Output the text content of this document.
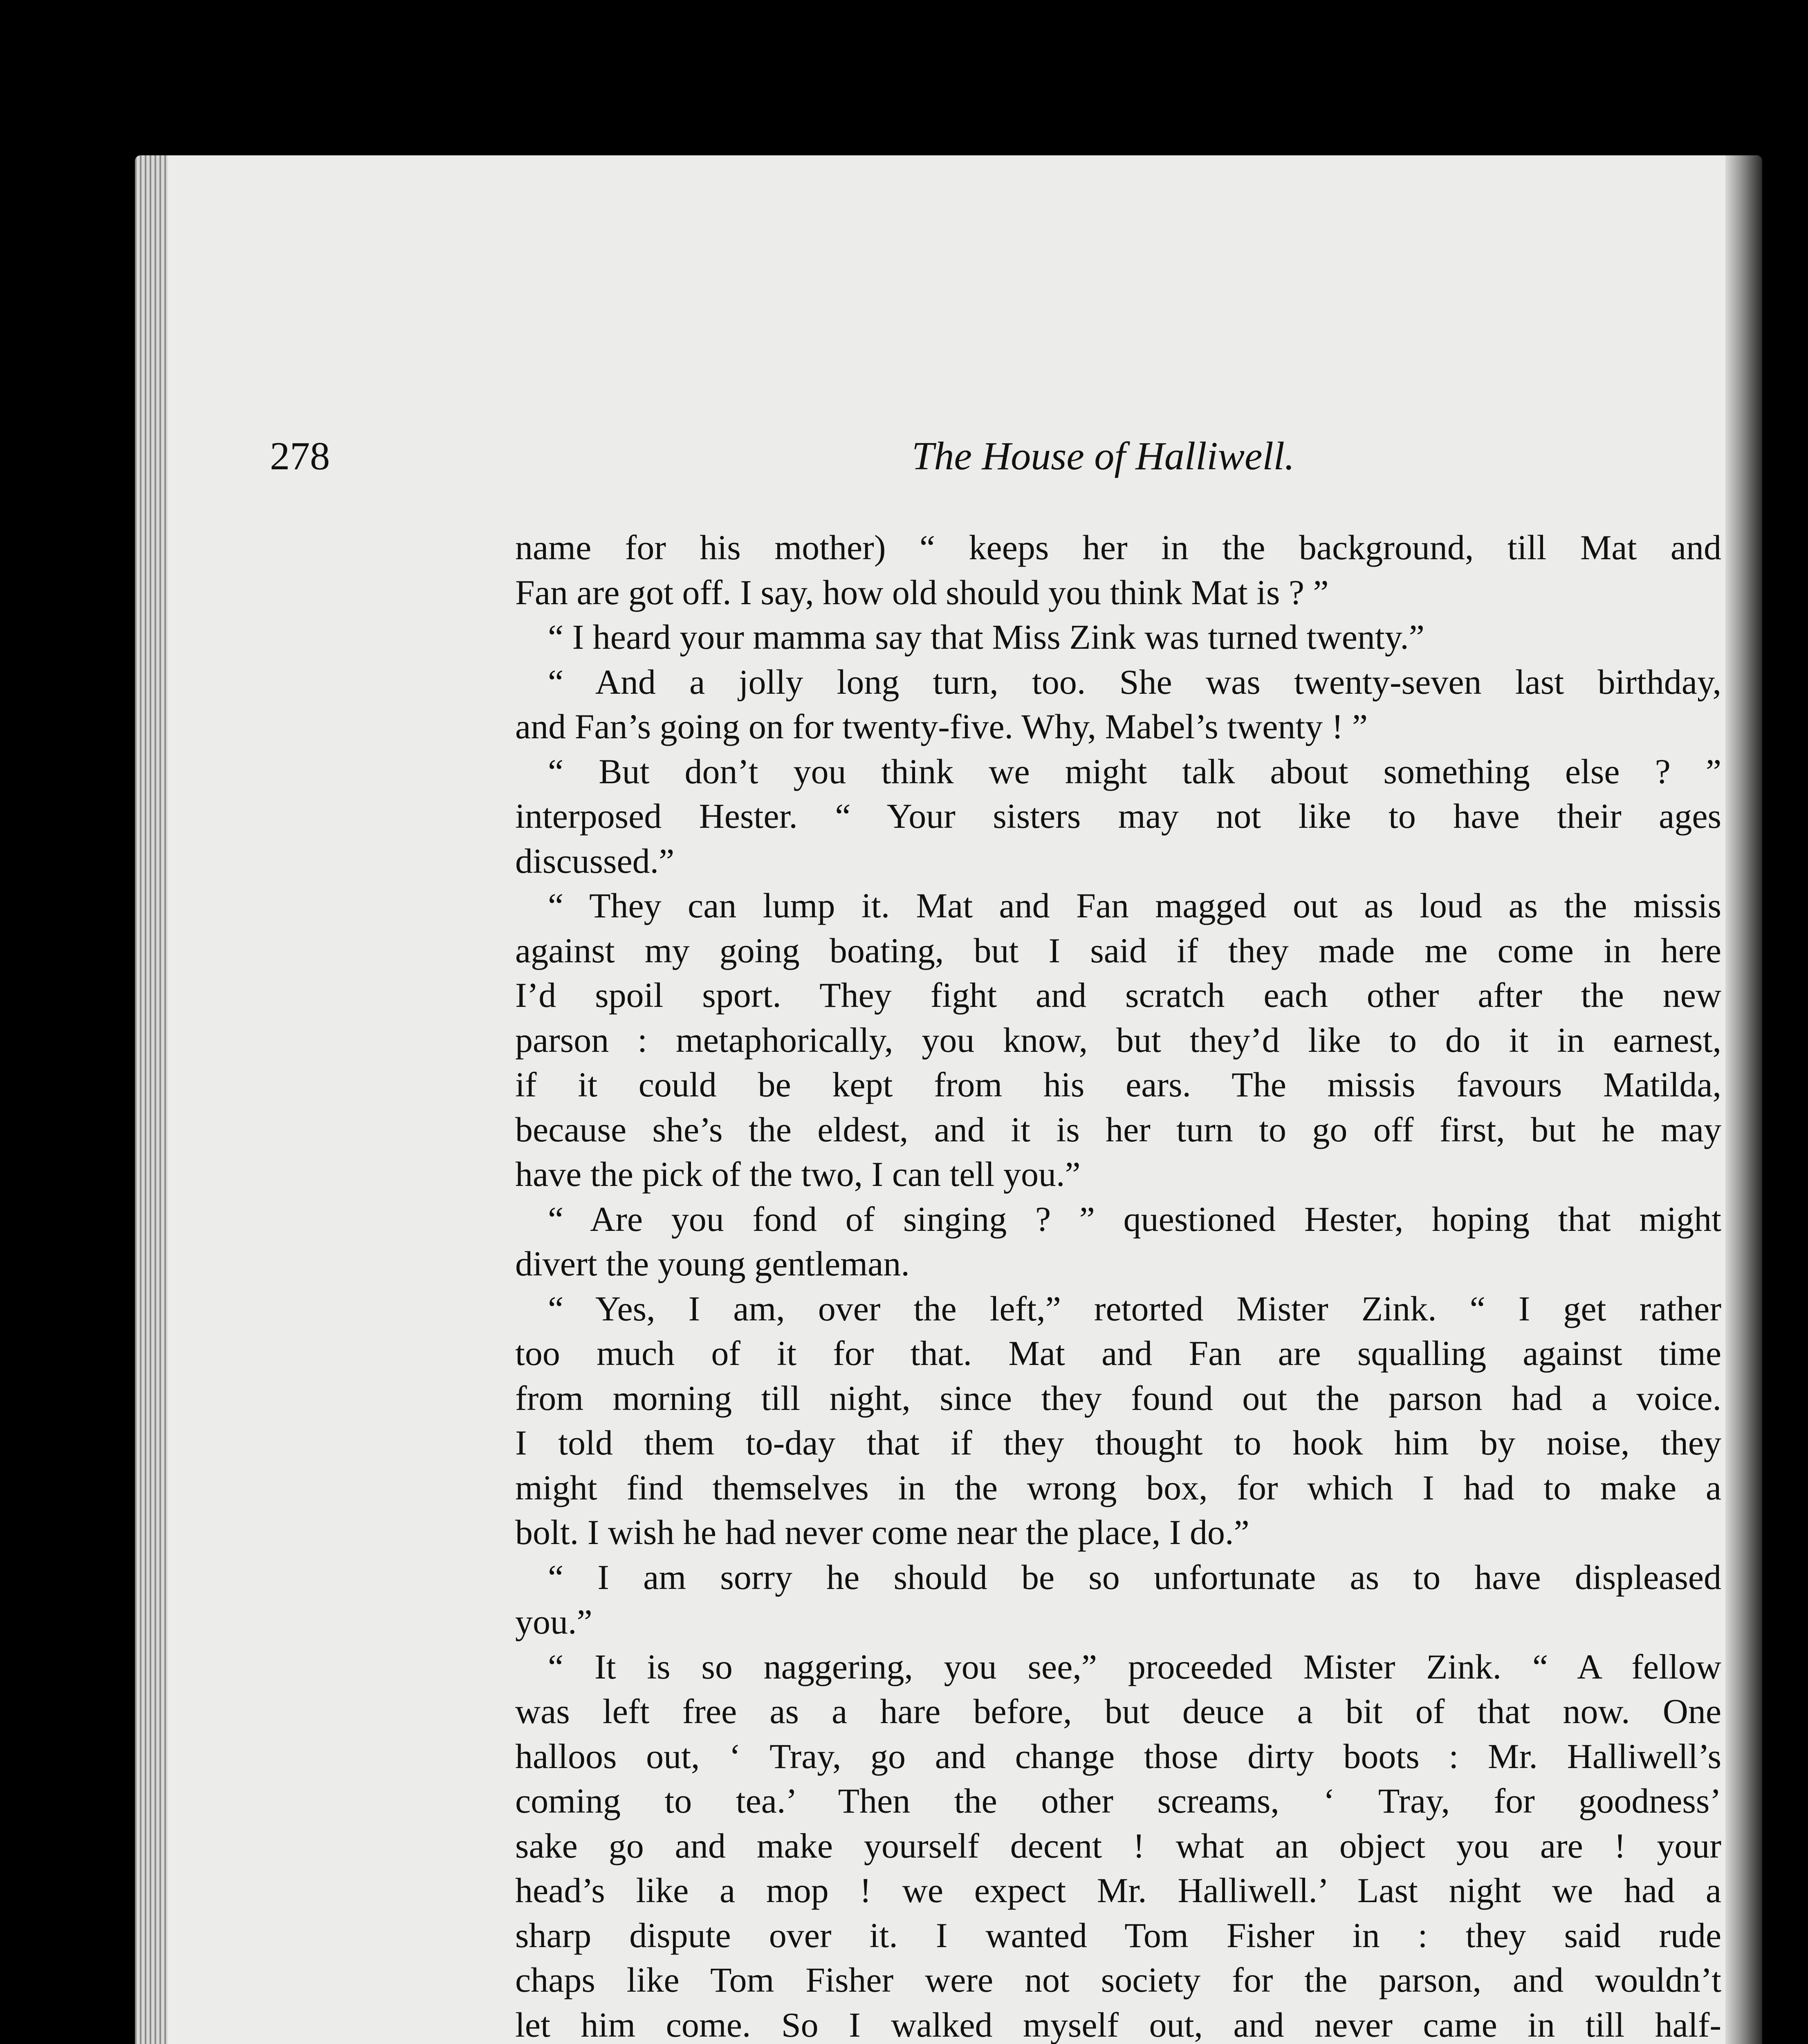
278	The House of Halliwell.
name for his mother) “ keeps her in the background, till Mat and
Fan are got off. I say, how old should you think Mat is ? ”
“ I heard your mamma say that Miss Zink was turned twenty.”
“ And a jolly long turn, too. She was twenty-seven last birthday,
and Fan’s going on for twenty-five. Why, Mabel’s twenty ! ”
“ But don’t you think we might talk about something else ? ”
interposed Hester. “ Your sisters may not like to have their ages
discussed.”
“ They can lump it. Mat and Fan magged out as loud as the missis
against my going boating, but I said if they made me come in here
I’d spoil sport. They fight and scratch each other after the new
parson : metaphorically, you know, but they’d like to do it in earnest,
if it could be kept from his ears. The missis favours Matilda,
because she’s the eldest, and it is her turn to go off first, but he may
have the pick of the two, I can tell you.”
“ Are you fond of singing ? ” questioned Hester, hoping that might
divert the young gentleman.
“ Yes, I am, over the left,” retorted Mister Zink. “ I get rather
too much of it for that. Mat and Fan are squalling against time
from morning till night, since they found out the parson had a voice.
I told them to-day that if they thought to hook him by noise, they
might find themselves in the wrong box, for which I had to make a
bolt. I wish he had never come near the place, I do.”
“ I am sorry he should be so unfortunate as to have displeased
you.”
“ It is so naggering, you see,” proceeded Mister Zink. “ A fellow
was left free as a hare before, but deuce a bit of that now. One
halloos out, ‘ Tray, go and change those dirty boots : Mr. Halliwell’s
coming to tea.’ Then the other screams, ‘ Tray, for goodness’
sake go and make yourself decent ! what an object you are ! your
head’s like a mop ! we expect Mr. Halliwell.’ Last night we had a
sharp dispute over it. I wanted Tom Fisher in : they said rude
chaps like Tom Fisher were not society for the parson, and wouldn’t
let him come. So I walked myself out, and never came in till half-
